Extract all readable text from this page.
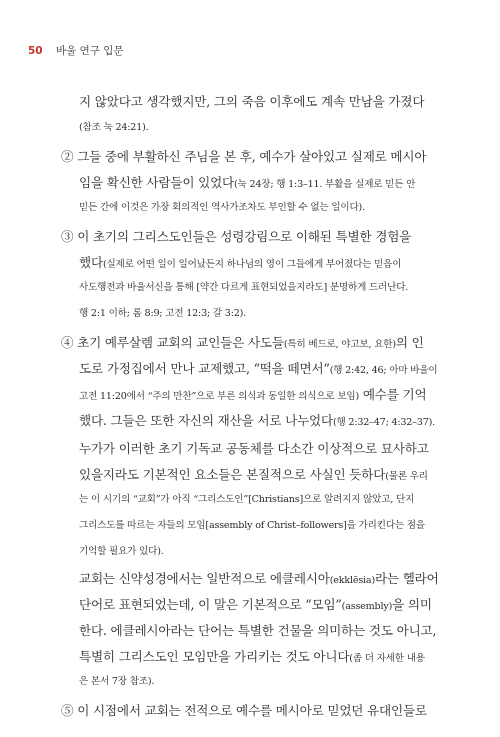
50 바울 연구 입문
지 않았다고 생각했지만, 그의 죽음 이후에도 계속 만남을 가졌다
(참조 눅 24:21).
② 그들 중에 부활하신 주님을 본 후, 예수가 살아있고 실제로 메시아
임을 확신한 사람들이 있었다(눅 24장; 행 1:3–11. 부활을 실제로 믿든 안
믿든 간에 이것은 가장 회의적인 역사가조차도 부인할 수 없는 일이다).
③ 이 초기의 그리스도인들은 성령강림으로 이해된 특별한 경험을
했다(실제로 어떤 일이 일어났든지 하나님의 영이 그들에게 부어졌다는 믿음이
사도행전과 바울서신을 통해 [약간 다르게 표현되었을지라도] 분명하게 드러난다.
행 2:1 이하; 롬 8:9; 고전 12:3; 갈 3:2).
④ 초기 예루살렘 교회의 교인들은 사도들(특히 베드로, 야고보, 요한)의 인
도로 가정집에서 만나 교제했고, “떡을 떼면서”(행 2:42, 46; 아마 바울이
고전 11:20에서 “주의 만찬”으로 부른 의식과 동일한 의식으로 보임) 예수를 기억
했다. 그들은 또한 자신의 재산을 서로 나누었다(행 2:32–47; 4:32–37).
누가가 이러한 초기 기독교 공동체를 다소간 이상적으로 묘사하고
있을지라도 기본적인 요소들은 본질적으로 사실인 듯하다(물론 우리
는 이 시기의 “교회”가 아직 “그리스도인”[Christians]으로 알려지지 않았고, 단지
그리스도를 따르는 자들의 모임[assembly of Christ–followers]을 가리킨다는 점을
기억할 필요가 있다).
교회는 신약성경에서는 일반적으로 에클레시아(ekklēsia)라는 헬라어
단어로 표현되었는데, 이 말은 기본적으로 “모임”(assembly)을 의미
한다. 에클레시아라는 단어는 특별한 건물을 의미하는 것도 아니고,
특별히 그리스도인 모임만을 가리키는 것도 아니다(좀 더 자세한 내용
은 본서 7장 참조).
⑤ 이 시점에서 교회는 전적으로 예수를 메시아로 믿었던 유대인들로
